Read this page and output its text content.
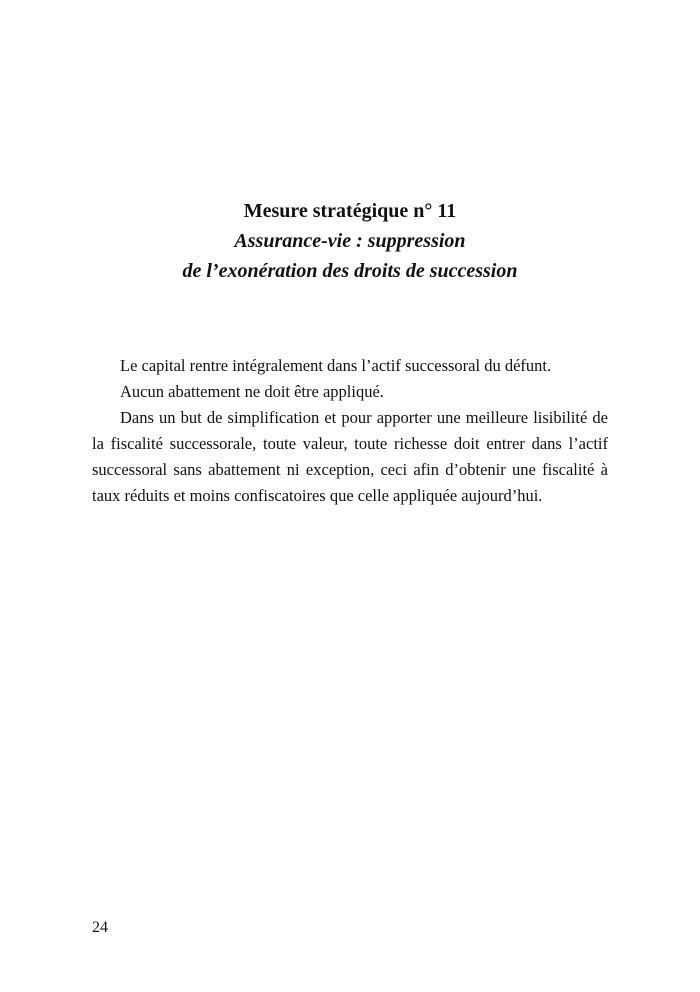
Mesure stratégique n° 11
Assurance-vie : suppression
de l’exonération des droits de succession

Le capital rentre intégralement dans l’actif successoral du défunt.

Aucun abattement ne doit être appliqué.

Dans un but de simplification et pour apporter une meilleure lisibilité de la fiscalité successorale, toute valeur, toute richesse doit entrer dans l’actif successoral sans abattement ni exception, ceci afin d’obtenir une fiscalité à taux réduits et moins confiscatoires que celle appliquée aujourd’hui.

24
